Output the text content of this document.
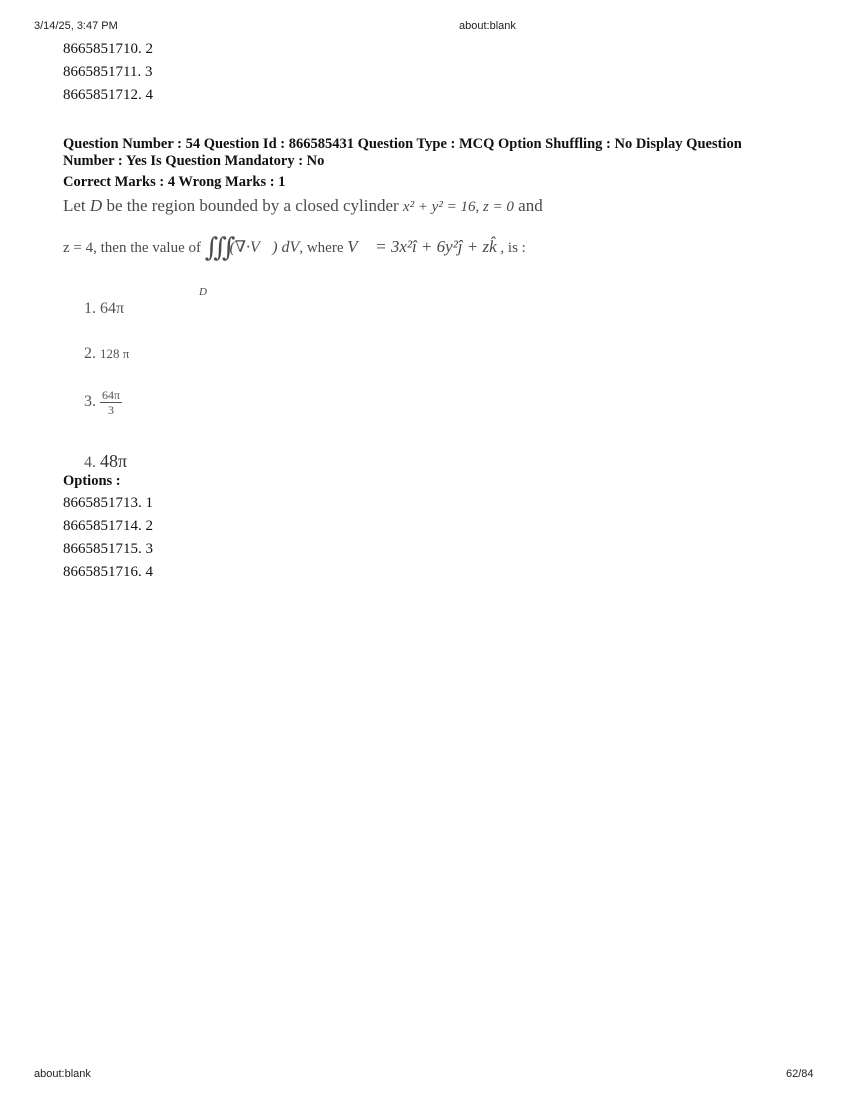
3/14/25, 3:47 PM	about:blank
8665851710. 2
8665851711. 3
8665851712. 4
Question Number : 54 Question Id : 866585431 Question Type : MCQ Option Shuffling : No Display Question
Number : Yes Is Question Mandatory : No
Correct Marks : 4 Wrong Marks : 1
Let D be the region bounded by a closed cylinder x² + y² = 16, z = 0 and
z = 4, then the value of ∭(∇·V⃗) dV, where V⃗ = 3x²î + 6y²ĵ + zk̂ , is :
D
1. 64π
2. 128 π
3. $\frac{64\pi}{3}$
4. 48π
Options :
8665851713. 1
8665851714. 2
8665851715. 3
8665851716. 4
about:blank	62/84
